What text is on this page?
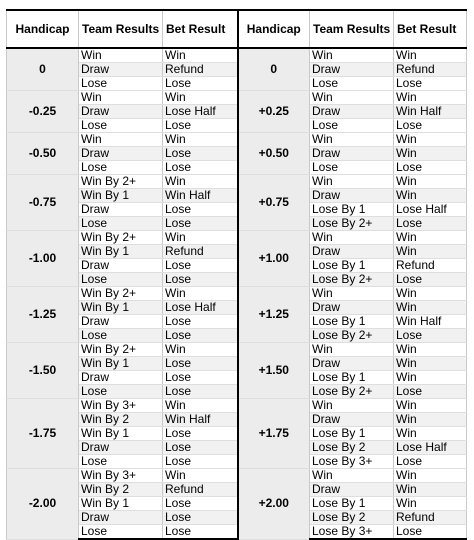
Handicap	Team Results	Bet Result	Handicap	Team Results	Bet Result
0	Win	Win	0	Win	Win
	Draw	Refund		Draw	Refund
	Lose	Lose		Lose	Lose
-0.25	Win	Win	+0.25	Win	Win
	Draw	Lose Half		Draw	Win Half
	Lose	Lose		Lose	Lose
-0.50	Win	Win	+0.50	Win	Win
	Draw	Lose		Draw	Win
	Lose	Lose		Lose	Lose
-0.75	Win By 2+	Win	+0.75	Win	Win
	Win By 1	Win Half		Draw	Win
	Draw	Lose		Lose By 1	Lose Half
	Lose	Lose		Lose By 2+	Lose
-1.00	Win By 2+	Win	+1.00	Win	Win
	Win By 1	Refund		Draw	Win
	Draw	Lose		Lose By 1	Refund
	Lose	Lose		Lose By 2+	Lose
-1.25	Win By 2+	Win	+1.25	Win	Win
	Win By 1	Lose Half		Draw	Win
	Draw	Lose		Lose By 1	Win Half
	Lose	Lose		Lose By 2+	Lose
-1.50	Win By 2+	Win	+1.50	Win	Win
	Win By 1	Lose		Draw	Win
	Draw	Lose		Lose By 1	Win
	Lose	Lose		Lose By 2+	Lose
-1.75	Win By 3+	Win	+1.75	Win	Win
	Win By 2	Win Half		Draw	Win
	Win By 1	Lose		Lose By 1	Win
	Draw	Lose		Lose By 2	Lose Half
	Lose	Lose		Lose By 3+	Lose
-2.00	Win By 3+	Win	+2.00	Win	Win
	Win By 2	Refund		Draw	Win
	Win By 1	Lose		Lose By 1	Win
	Draw	Lose		Lose By 2	Refund
	Lose	Lose		Lose By 3+	Lose
